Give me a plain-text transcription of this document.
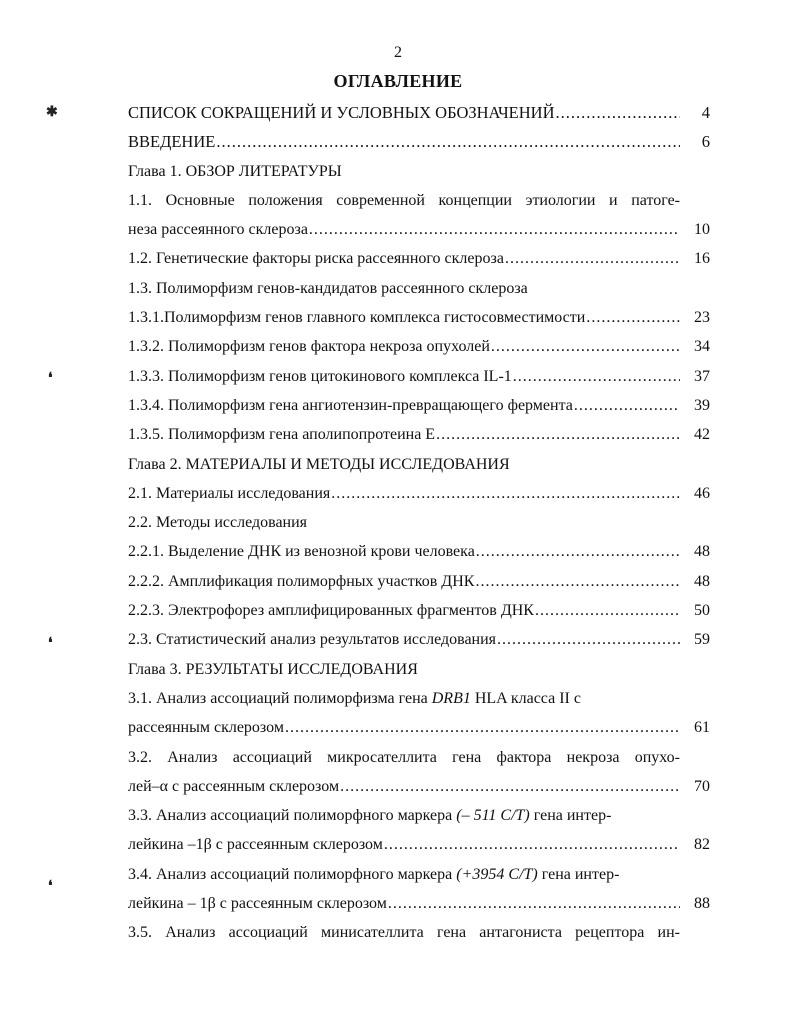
2
ОГЛАВЛЕНИЕ
✱
❛
❛
❛
СПИСОК СОКРАЩЕНИЙ И УСЛОВНЫХ ОБОЗНАЧЕНИЙ .....	4
ВВЕДЕНИЕ .....	6
Глава 1. ОБЗОР ЛИТЕРАТУРЫ
1.1. Основные положения современной концепции этиологии и патоге-
неза рассеянного склероза .....	10
1.2. Генетические факторы риска рассеянного склероза .....	16
1.3. Полиморфизм генов-кандидатов рассеянного склероза
1.3.1.Полиморфизм генов главного комплекса гистосовместимости .....	23
1.3.2. Полиморфизм генов фактора некроза опухолей .....	34
1.3.3. Полиморфизм генов цитокинового комплекса IL-1 .....	37
1.3.4. Полиморфизм гена ангиотензин-превращающего фермента .....	39
1.3.5. Полиморфизм гена аполипопротеина Е .....	42
Глава 2. МАТЕРИАЛЫ И МЕТОДЫ ИССЛЕДОВАНИЯ
2.1. Материалы исследования .....	46
2.2. Методы исследования
2.2.1. Выделение ДНК из венозной крови человека .....	48
2.2.2. Амплификация полиморфных участков ДНК .....	48
2.2.3. Электрофорез амплифицированных фрагментов ДНК .....	50
2.3. Статистический анализ результатов исследования .....	59
Глава 3. РЕЗУЛЬТАТЫ ИССЛЕДОВАНИЯ
3.1. Анализ ассоциаций полиморфизма гена DRB1 HLA класса II с
рассеянным склерозом .....	61
3.2. Анализ ассоциаций микросателлита гена фактора некроза опухо-
лей–α с рассеянным склерозом .....	70
3.3. Анализ ассоциаций полиморфного маркера (– 511 C/T) гена интер-
лейкина –1β с рассеянным склерозом .....	82
3.4. Анализ ассоциаций полиморфного маркера (+3954 C/T) гена интер-
лейкина – 1β с рассеянным склерозом .....	88
3.5. Анализ ассоциаций минисателлита гена антагониста рецептора ин-
